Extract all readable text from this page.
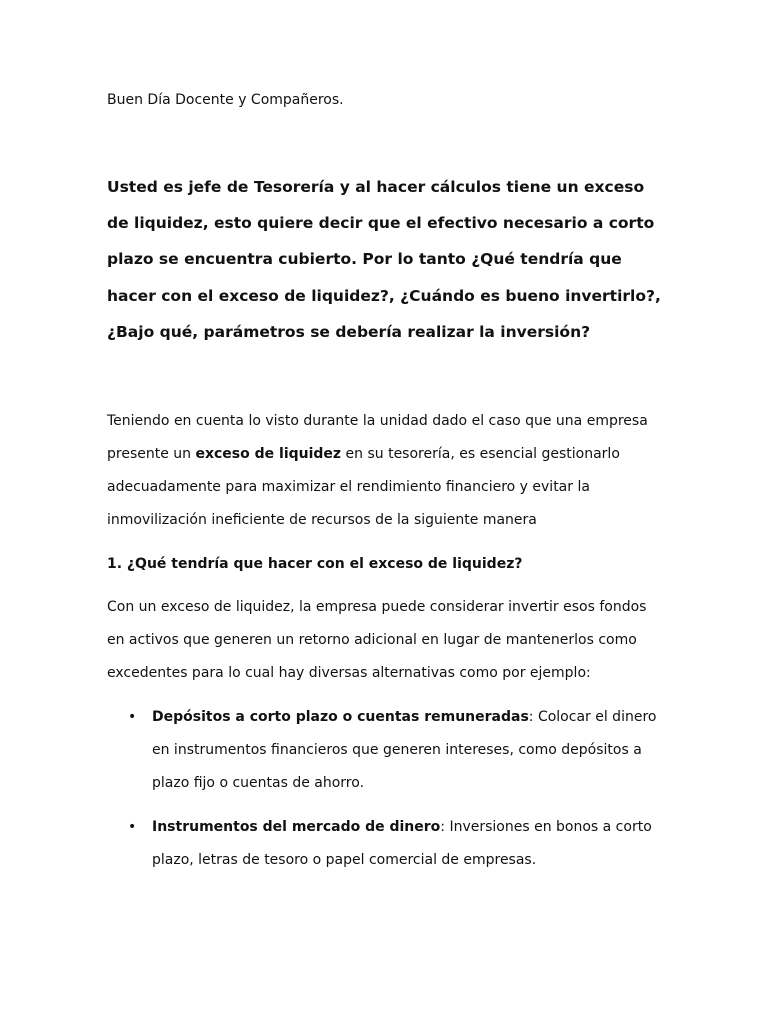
Buen Día Docente y Compañeros.

Usted es jefe de Tesorería y al hacer cálculos tiene un exceso de liquidez, esto quiere decir que el efectivo necesario a corto plazo se encuentra cubierto. Por lo tanto ¿Qué tendría que hacer con el exceso de liquidez?, ¿Cuándo es bueno invertirlo?, ¿Bajo qué, parámetros se debería realizar la inversión?

Teniendo en cuenta lo visto durante la unidad dado el caso que una empresa presente un exceso de liquidez en su tesorería, es esencial gestionarlo adecuadamente para maximizar el rendimiento financiero y evitar la inmovilización ineficiente de recursos de la siguiente manera

1. ¿Qué tendría que hacer con el exceso de liquidez?

Con un exceso de liquidez, la empresa puede considerar invertir esos fondos en activos que generen un retorno adicional en lugar de mantenerlos como excedentes para lo cual hay diversas alternativas como por ejemplo:

• Depósitos a corto plazo o cuentas remuneradas: Colocar el dinero en instrumentos financieros que generen intereses, como depósitos a plazo fijo o cuentas de ahorro.
• Instrumentos del mercado de dinero: Inversiones en bonos a corto plazo, letras de tesoro o papel comercial de empresas.
